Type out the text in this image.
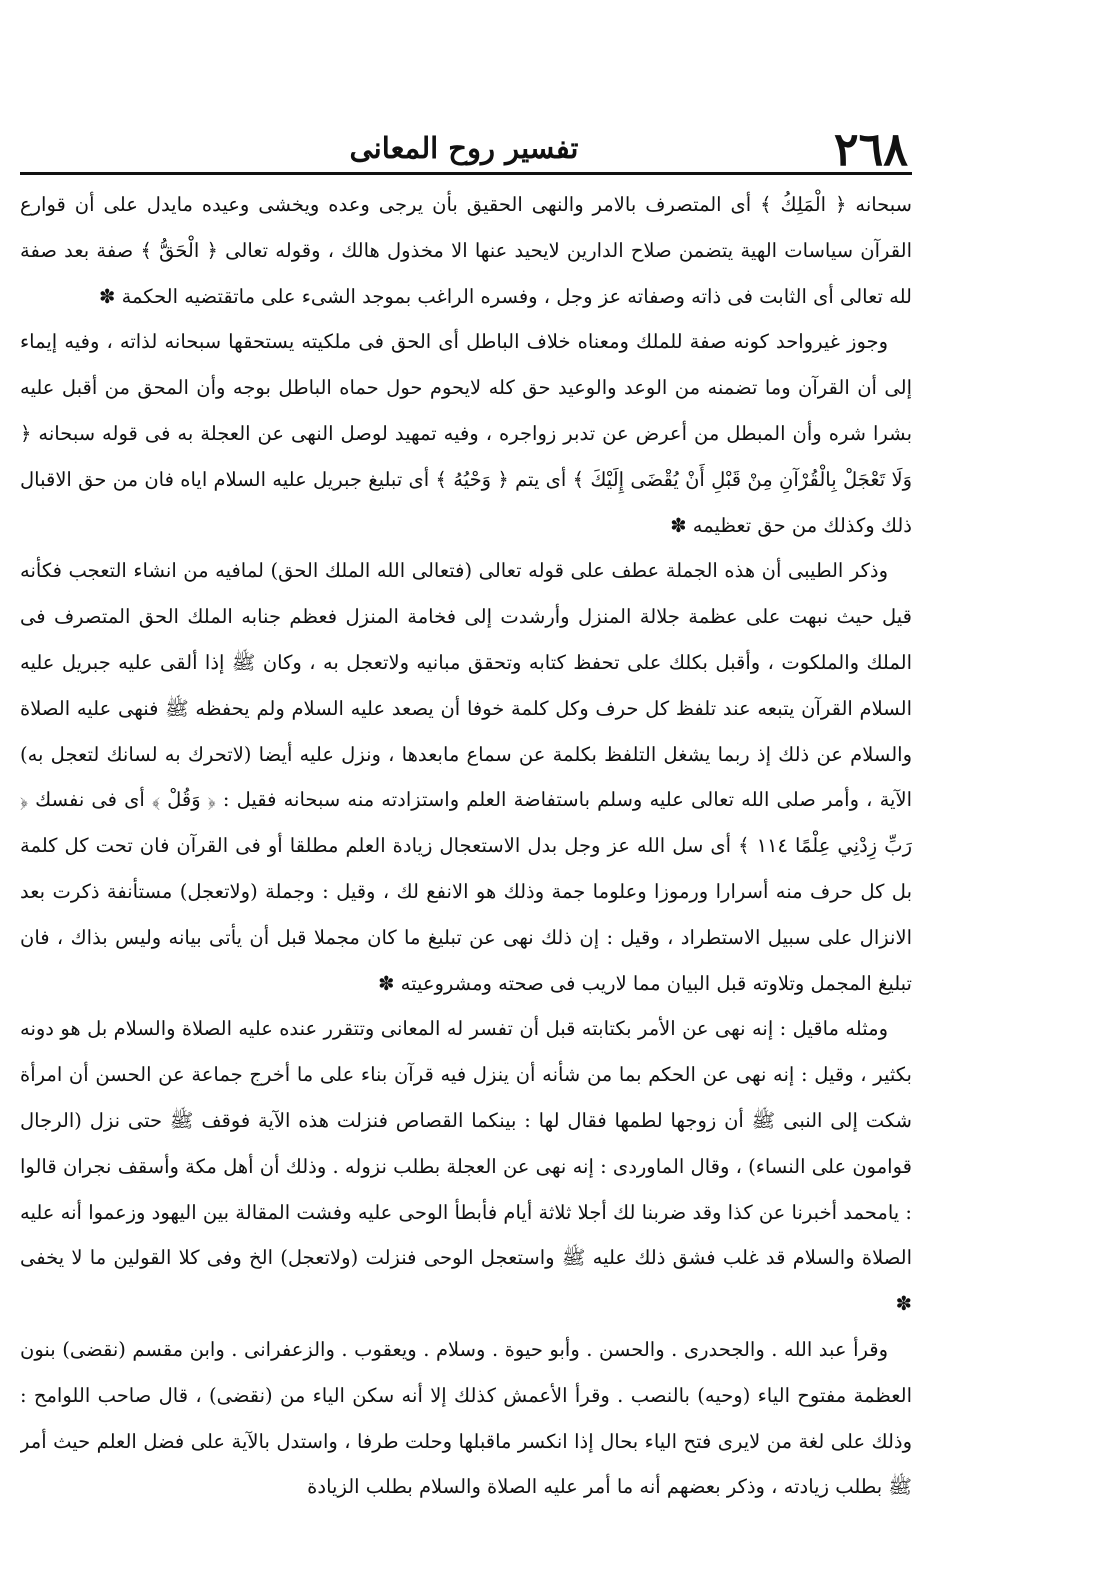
٢٦٨
تفسير روح المعانى

سبحانه ﴿ الْمَلِكُ ﴾ أى المتصرف بالامر والنهى الحقيق بأن يرجى وعده ويخشى وعيده مايدل على أن قوارع القرآن سياسات الهية يتضمن صلاح الدارين لايحيد عنها الا مخذول هالك ، وقوله تعالى ﴿ الْحَقُّ ﴾ صفة بعد صفة لله تعالى أى الثابت فى ذاته وصفاته عز وجل ، وفسره الراغب بموجد الشىء على ماتقتضيه الحكمة ✽

وجوز غيرواحد كونه صفة للملك ومعناه خلاف الباطل أى الحق فى ملكيته يستحقها سبحانه لذاته ، وفيه إيماء إلى أن القرآن وما تضمنه من الوعد والوعيد حق كله لايحوم حول حماه الباطل بوجه وأن المحق من أقبل عليه بشرا شره وأن المبطل من أعرض عن تدبر زواجره ، وفيه تمهيد لوصل النهى عن العجلة به فى قوله سبحانه ﴿ وَلَا تَعْجَلْ بِالْقُرْآنِ مِنْ قَبْلِ أَنْ يُقْضَى إِلَيْكَ ﴾ أى يتم ﴿ وَحْيُهُ ﴾ أى تبليغ جبريل عليه السلام اياه فان من حق الاقبال ذلك وكذلك من حق تعظيمه ✽

وذكر الطيبى أن هذه الجملة عطف على قوله تعالى (فتعالى الله الملك الحق) لمافيه من انشاء التعجب فكأنه قيل حيث نبهت على عظمة جلالة المنزل وأرشدت إلى فخامة المنزل فعظم جنابه الملك الحق المتصرف فى الملك والملكوت ، وأقبل بكلك على تحفظ كتابه وتحقق مبانيه ولاتعجل به ، وكان ﷺ إذا ألقى عليه جبريل عليه السلام القرآن يتبعه عند تلفظ كل حرف وكل كلمة خوفا أن يصعد عليه السلام ولم يحفظه ﷺ فنهى عليه الصلاة والسلام عن ذلك إذ ربما يشغل التلفظ بكلمة عن سماع مابعدها ، ونزل عليه أيضا (لاتحرك به لسانك لتعجل به) الآية ، وأمر صلى الله تعالى عليه وسلم باستفاضة العلم واستزادته منه سبحانه فقيل : ﴿ وَقُلْ ﴾ أى فى نفسك ﴿ رَبِّ زِدْنِي عِلْمًا ١١٤ ﴾ أى سل الله عز وجل بدل الاستعجال زيادة العلم مطلقا أو فى القرآن فان تحت كل كلمة بل كل حرف منه أسرارا ورموزا وعلوما جمة وذلك هو الانفع لك ، وقيل : وجملة (ولاتعجل) مستأنفة ذكرت بعد الانزال على سبيل الاستطراد ، وقيل : إن ذلك نهى عن تبليغ ما كان مجملا قبل أن يأتى بيانه وليس بذاك ، فان تبليغ المجمل وتلاوته قبل البيان مما لاريب فى صحته ومشروعيته ✽

ومثله ماقيل : إنه نهى عن الأمر بكتابته قبل أن تفسر له المعانى وتتقرر عنده عليه الصلاة والسلام بل هو دونه بكثير ، وقيل : إنه نهى عن الحكم بما من شأنه أن ينزل فيه قرآن بناء على ما أخرج جماعة عن الحسن أن امرأة شكت إلى النبى ﷺ أن زوجها لطمها فقال لها : بينكما القصاص فنزلت هذه الآية فوقف ﷺ حتى نزل (الرجال قوامون على النساء) ، وقال الماوردى : إنه نهى عن العجلة بطلب نزوله . وذلك أن أهل مكة وأسقف نجران قالوا : يامحمد أخبرنا عن كذا وقد ضربنا لك أجلا ثلاثة أيام فأبطأ الوحى عليه وفشت المقالة بين اليهود وزعموا أنه عليه الصلاة والسلام قد غلب فشق ذلك عليه ﷺ واستعجل الوحى فنزلت (ولاتعجل) الخ وفى كلا القولين ما لا يخفى ✽

وقرأ عبد الله . والجحدرى . والحسن . وأبو حيوة . وسلام . ويعقوب . والزعفرانى . وابن مقسم (نقضى) بنون العظمة مفتوح الياء (وحيه) بالنصب . وقرأ الأعمش كذلك إلا أنه سكن الياء من (نقضى) ، قال صاحب اللوامح : وذلك على لغة من لايرى فتح الياء بحال إذا انكسر ماقبلها وحلت طرفا ، واستدل بالآية على فضل العلم حيث أمر ﷺ بطلب زيادته ، وذكر بعضهم أنه ما أمر عليه الصلاة والسلام بطلب الزيادة
